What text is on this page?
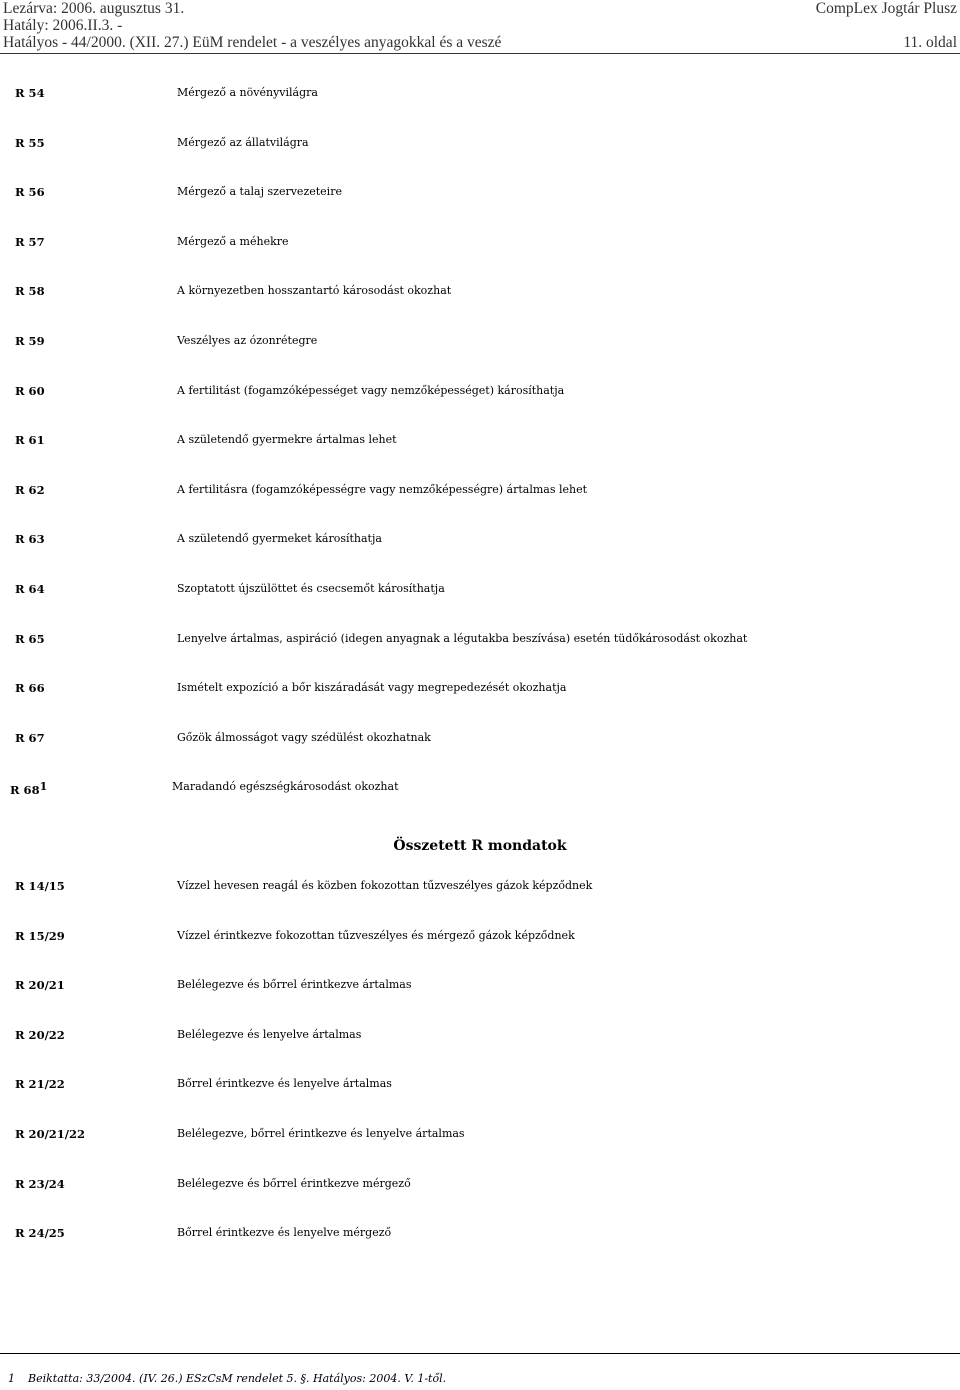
Lezárva: 2006. augusztus 31.
Hatály: 2006.II.3. -
Hatályos - 44/2000. (XII. 27.) EüM rendelet - a veszélyes anyagokkal és a veszé
CompLex Jogtár Plusz
11. oldal
R 54	Mérgező a növényvilágra
R 55	Mérgező az állatvilágra
R 56	Mérgező a talaj szervezeteire
R 57	Mérgező a méhekre
R 58	A környezetben hosszantartó károsodást okozhat
R 59	Veszélyes az ózonrétegre
R 60	A fertilitást (fogamzóképességet vagy nemzőképességet) károsíthatja
R 61	A születendő gyermekre ártalmas lehet
R 62	A fertilitásra (fogamzóképességre vagy nemzőképességre) ártalmas lehet
R 63	A születendő gyermeket károsíthatja
R 64	Szoptatott újszülöttet és csecsemőt károsíthatja
R 65	Lenyelve ártalmas, aspiráció (idegen anyagnak a légutakba beszívása) esetén tüdőkárosodást okozhat
R 66	Ismételt expozíció a bőr kiszáradását vagy megrepedezését okozhatja
R 67	Gőzök álmosságot vagy szédülést okozhatnak
R $68^1$	Maradandó egészségkárosodást okozhat
Összetett R mondatok
R 14/15	Vízzel hevesen reagál és közben fokozottan tűzveszélyes gázok képződnek
R 15/29	Vízzel érintkezve fokozottan tűzveszélyes és mérgező gázok képződnek
R 20/21	Belélegezve és bőrrel érintkezve ártalmas
R 20/22	Belélegezve és lenyelve ártalmas
R 21/22	Bőrrel érintkezve és lenyelve ártalmas
R 20/21/22	Belélegezve, bőrrel érintkezve és lenyelve ártalmas
R 23/24	Belélegezve és bőrrel érintkezve mérgező
R 24/25	Bőrrel érintkezve és lenyelve mérgező
1 Beiktatta: 33/2004. (IV. 26.) ESzCsM rendelet 5. §. Hatályos: 2004. V. 1-től.
